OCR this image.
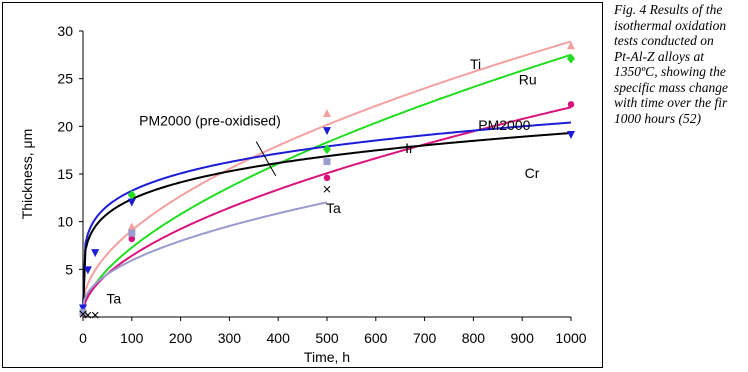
0 100 200 300 400 500 600 700 800 900 1000
5
10
15
20
25
30
Time, h
Thickness, μm
Ti
Ru
PM2000
Ir
Cr
PM2000 (pre-oxidised)
Ta
Ta
Fig. 4 Results of the
isothermal oxidation
tests conducted on
Pt-Al-Z alloys at
1350ºC, showing the
specific mass change
with time over the fir
1000 hours (52)
